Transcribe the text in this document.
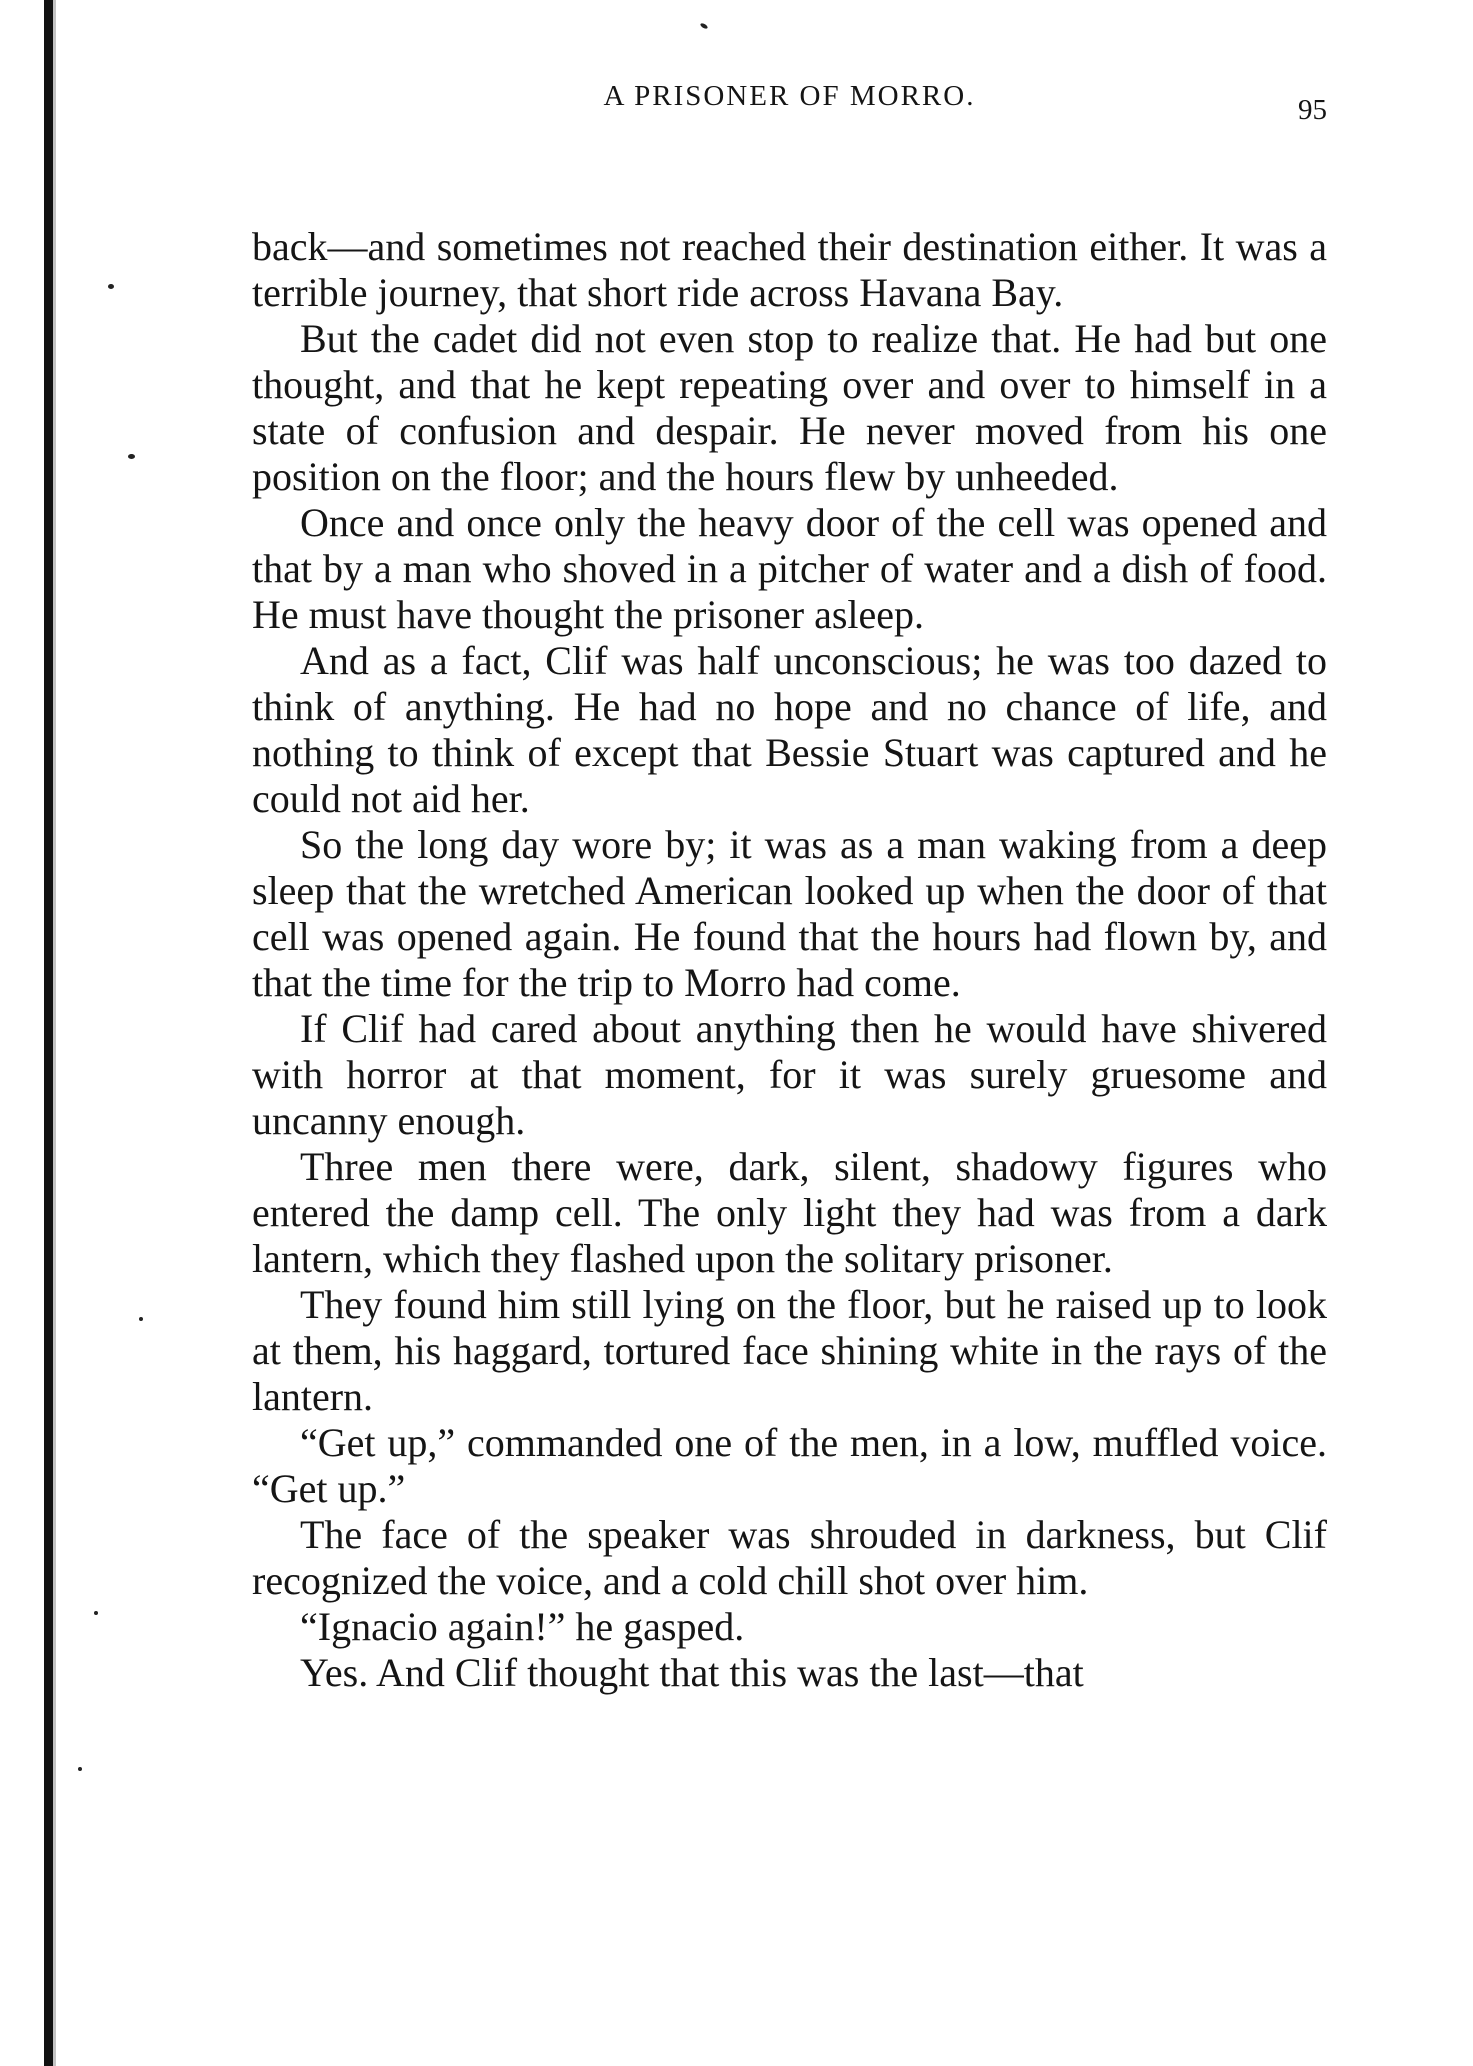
A PRISONER OF MORRO.	95

back—and sometimes not reached their destination either. It was a terrible journey, that short ride across Havana Bay.

But the cadet did not even stop to realize that. He had but one thought, and that he kept repeating over and over to himself in a state of confusion and despair. He never moved from his one position on the floor; and the hours flew by unheeded.

Once and once only the heavy door of the cell was opened and that by a man who shoved in a pitcher of water and a dish of food. He must have thought the prisoner asleep.

And as a fact, Clif was half unconscious; he was too dazed to think of anything. He had no hope and no chance of life, and nothing to think of except that Bessie Stuart was captured and he could not aid her.

So the long day wore by; it was as a man waking from a deep sleep that the wretched American looked up when the door of that cell was opened again. He found that the hours had flown by, and that the time for the trip to Morro had come.

If Clif had cared about anything then he would have shivered with horror at that moment, for it was surely gruesome and uncanny enough.

Three men there were, dark, silent, shadowy figures who entered the damp cell. The only light they had was from a dark lantern, which they flashed upon the solitary prisoner.

They found him still lying on the floor, but he raised up to look at them, his haggard, tortured face shining white in the rays of the lantern.

“Get up,” commanded one of the men, in a low, muffled voice. “Get up.”

The face of the speaker was shrouded in darkness, but Clif recognized the voice, and a cold chill shot over him.

“Ignacio again!” he gasped.

Yes. And Clif thought that this was the last—that
